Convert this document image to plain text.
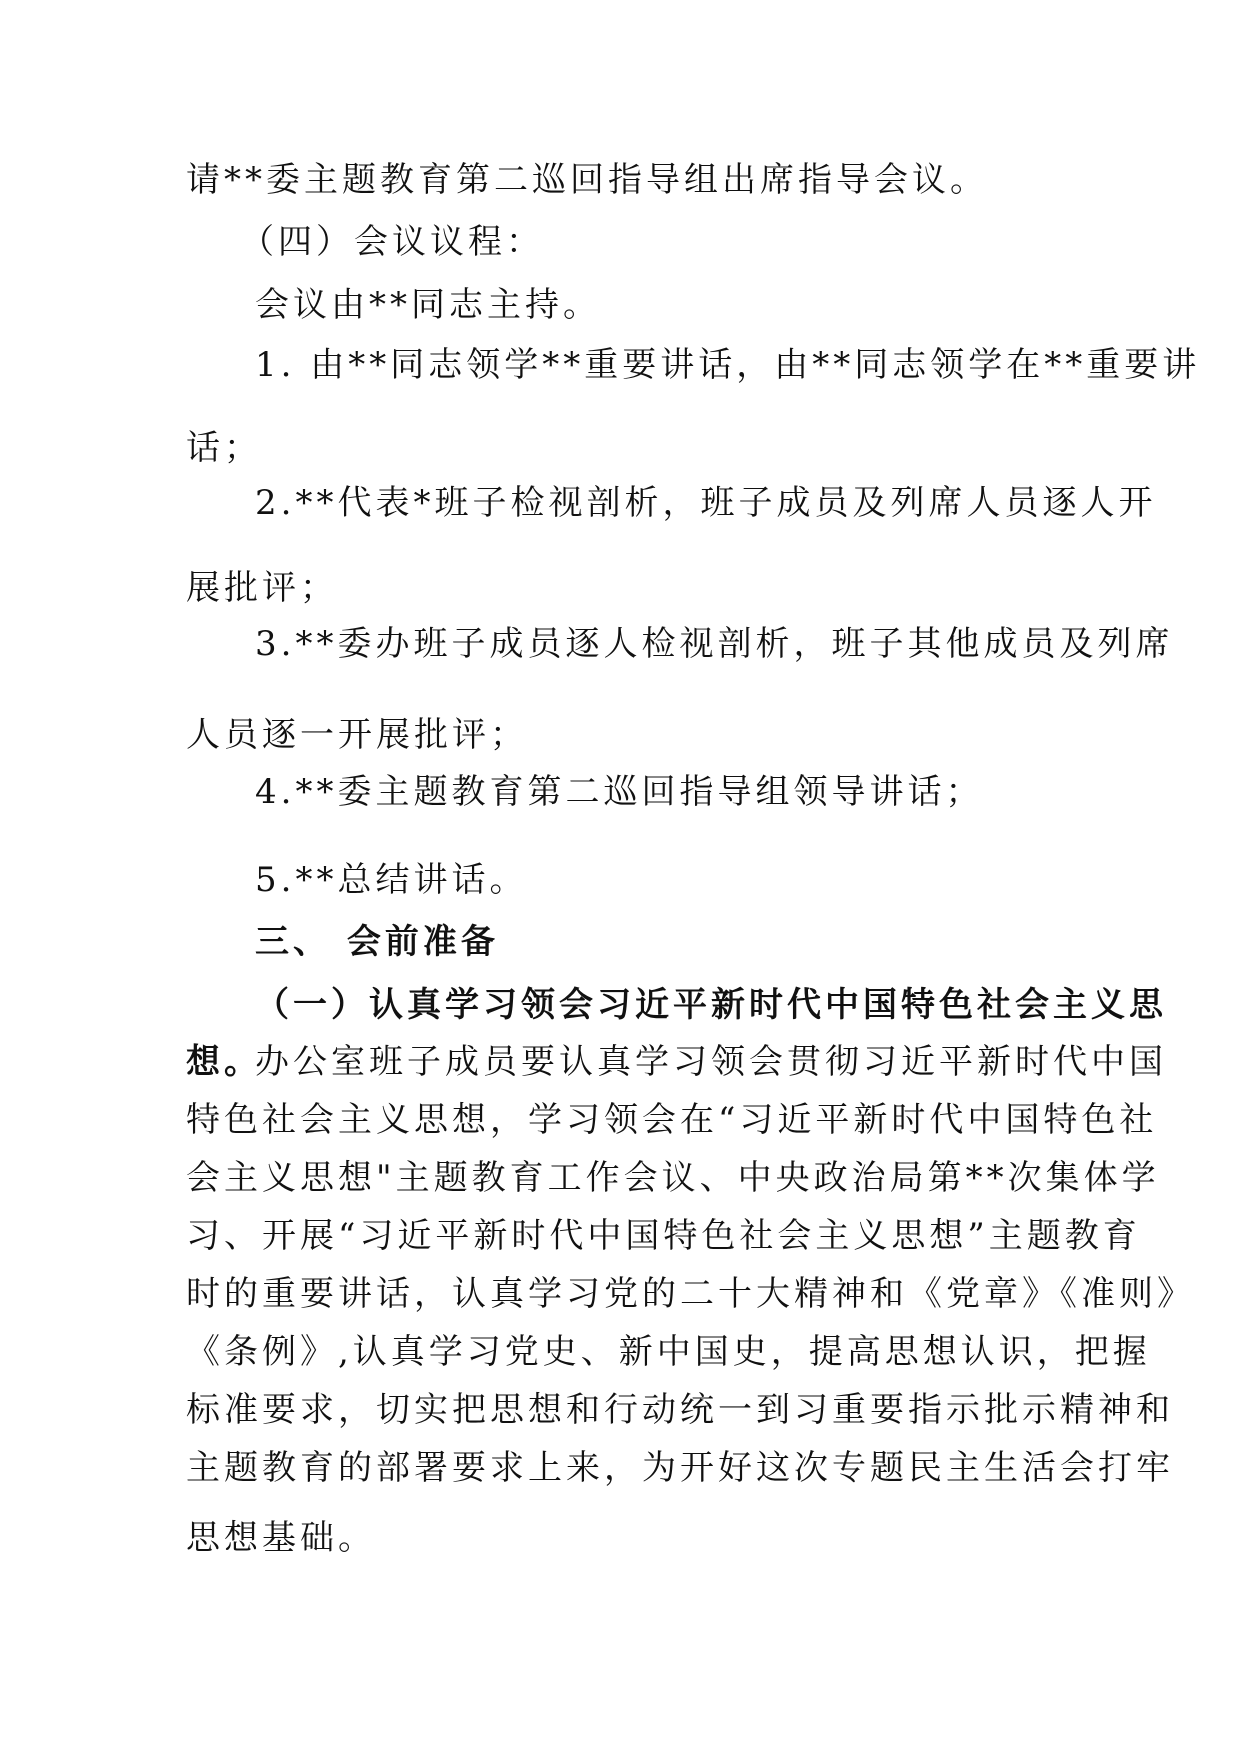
请**委主题教育第二巡回指导组出席指导会议。
（四）会议议程：
会议由**同志主持。
1. 由**同志领学**重要讲话，由**同志领学在**重要讲
话；
2.**代表*班子检视剖析，班子成员及列席人员逐人开
展批评；
3.**委办班子成员逐人检视剖析，班子其他成员及列席
人员逐一开展批评；
4.**委主题教育第二巡回指导组领导讲话；
5.**总结讲话。
三、 会前准备
（一）认真学习领会习近平新时代中国特色社会主义思
想。
办公室班子成员要认真学习领会贯彻习近平新时代中国
特色社会主义思想，学习领会在“习近平新时代中国特色社
会主义思想"主题教育工作会议、中央政治局第**次集体学
习、开展“习近平新时代中国特色社会主义思想”主题教育
时的重要讲话，认真学习党的二十大精神和《党章》《准则》
《条例》,认真学习党史、新中国史，提高思想认识，把握
标准要求，切实把思想和行动统一到习重要指示批示精神和
主题教育的部署要求上来，为开好这次专题民主生活会打牢
思想基础。
